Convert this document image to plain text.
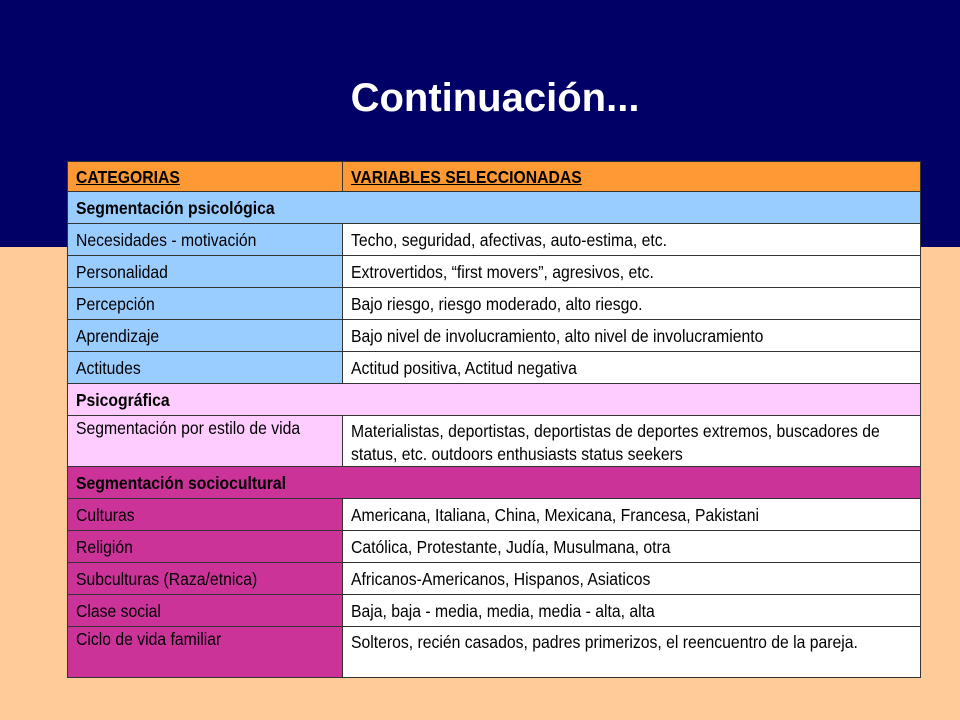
Continuación...
CATEGORIAS	VARIABLES SELECCIONADAS
Segmentación psicológica	
Necesidades - motivación	Techo, seguridad, afectivas, auto-estima, etc.
Personalidad	Extrovertidos, “first movers”, agresivos, etc.
Percepción	Bajo riesgo, riesgo moderado, alto riesgo.
Aprendizaje	Bajo nivel de involucramiento, alto nivel de involucramiento
Actitudes	Actitud positiva, Actitud negativa
Psicográfica	

Segmentación por estilo de vida	Materialistas, deportistas, deportistas de deportes extremos, buscadores de status, etc. outdoors enthusiasts status seekers

Segmentación sociocultural	
Culturas	Americana, Italiana, China, Mexicana, Francesa, Pakistani
Religión	Católica, Protestante, Judía, Musulmana, otra
Subculturas (Raza/etnica)	Africanos-Americanos, Hispanos, Asiaticos
Clase social	Baja, baja - media, media, media - alta, alta

Ciclo de vida familiar	Solteros, recién casados, padres primerizos, el reencuentro de la pareja.
